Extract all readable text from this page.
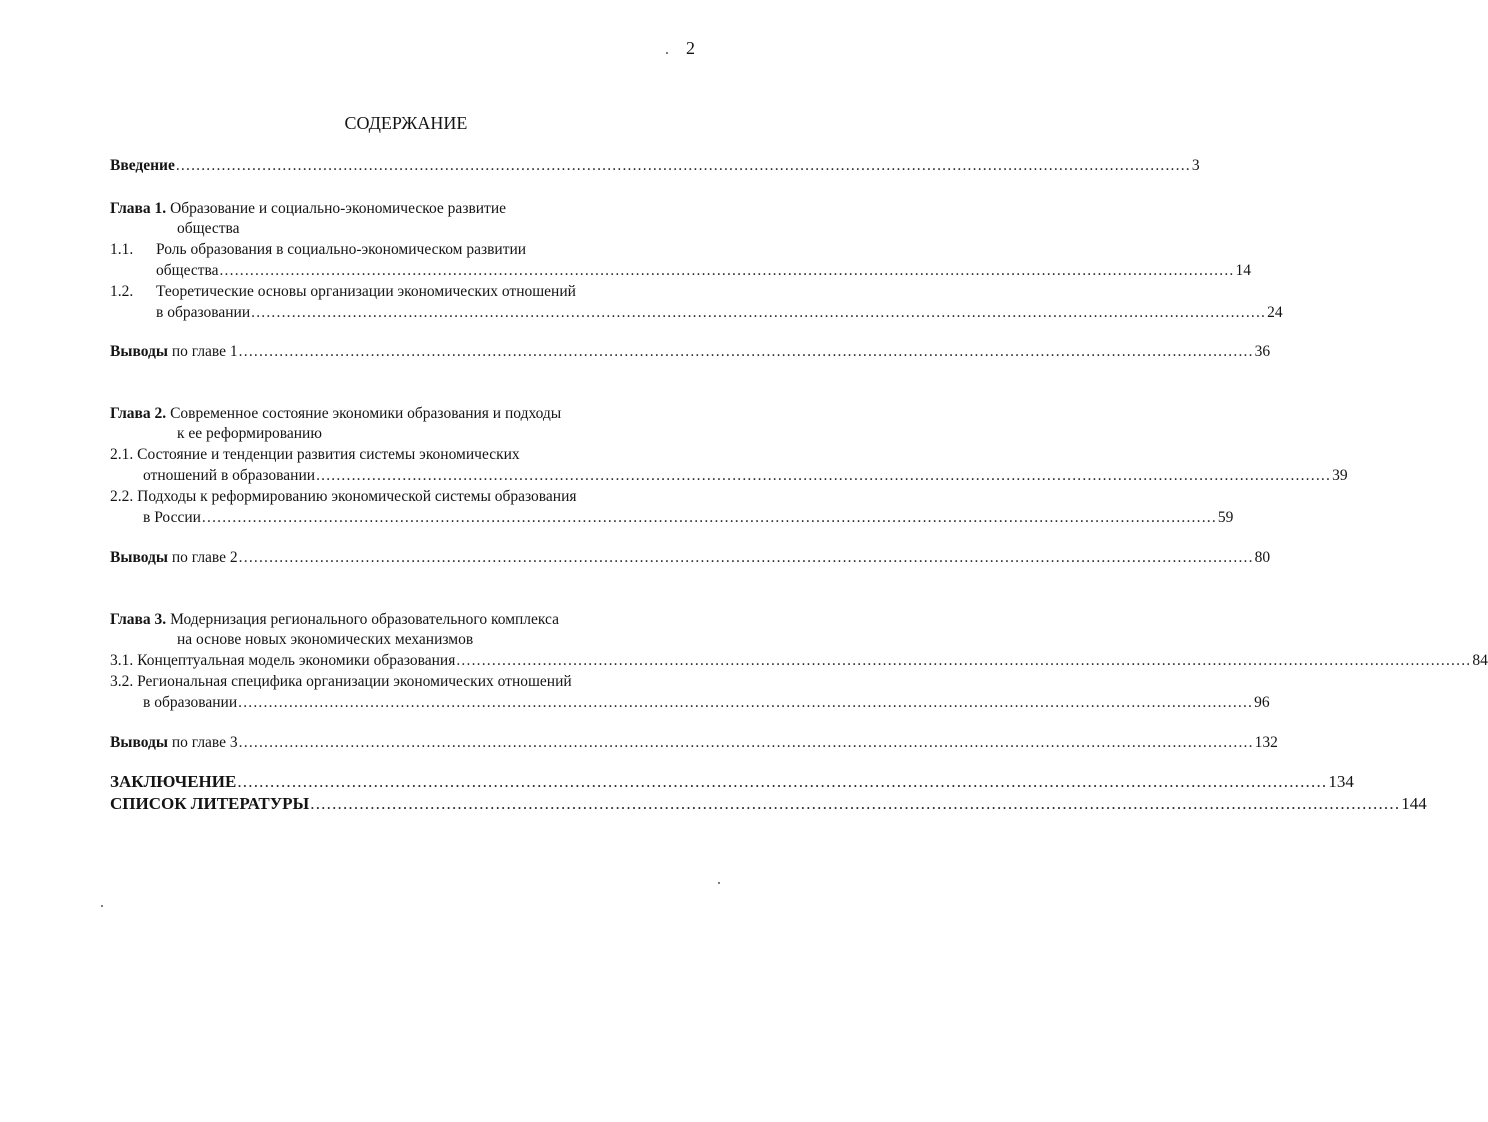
2
СОДЕРЖАНИЕ
Введение ........................................................................................................................................................................................................ 3
Глава 1. Образование и социально-экономическое развитие
общества
1.1. Роль образования в социально-экономическом развитии
общества ........................................................................................................................................................................................................ 14
1.2. Теоретические основы организации экономических отношений
в образовании ........................................................................................................................................................................................................ 24
Выводы по главе 1 ........................................................................................................................................................................................................ 36
Глава 2. Современное состояние экономики образования и подходы
к ее реформированию
2.1. Состояние и тенденции развития системы экономических
отношений в образовании ........................................................................................................................................................................................................ 39
2.2. Подходы к реформированию экономической системы образования
в России ........................................................................................................................................................................................................ 59
Выводы по главе 2 ........................................................................................................................................................................................................ 80
Глава 3. Модернизация регионального образовательного комплекса
на основе новых экономических механизмов
3.1. Концептуальная модель экономики образования ........................................................................................................................................................................................................ 84
3.2. Региональная специфика организации экономических отношений
в образовании ........................................................................................................................................................................................................ 96
Выводы по главе 3 ........................................................................................................................................................................................................ 132
ЗАКЛЮЧЕНИЕ ........................................................................................................................................................................................................ 134
СПИСОК ЛИТЕРАТУРЫ ........................................................................................................................................................................................................ 144
